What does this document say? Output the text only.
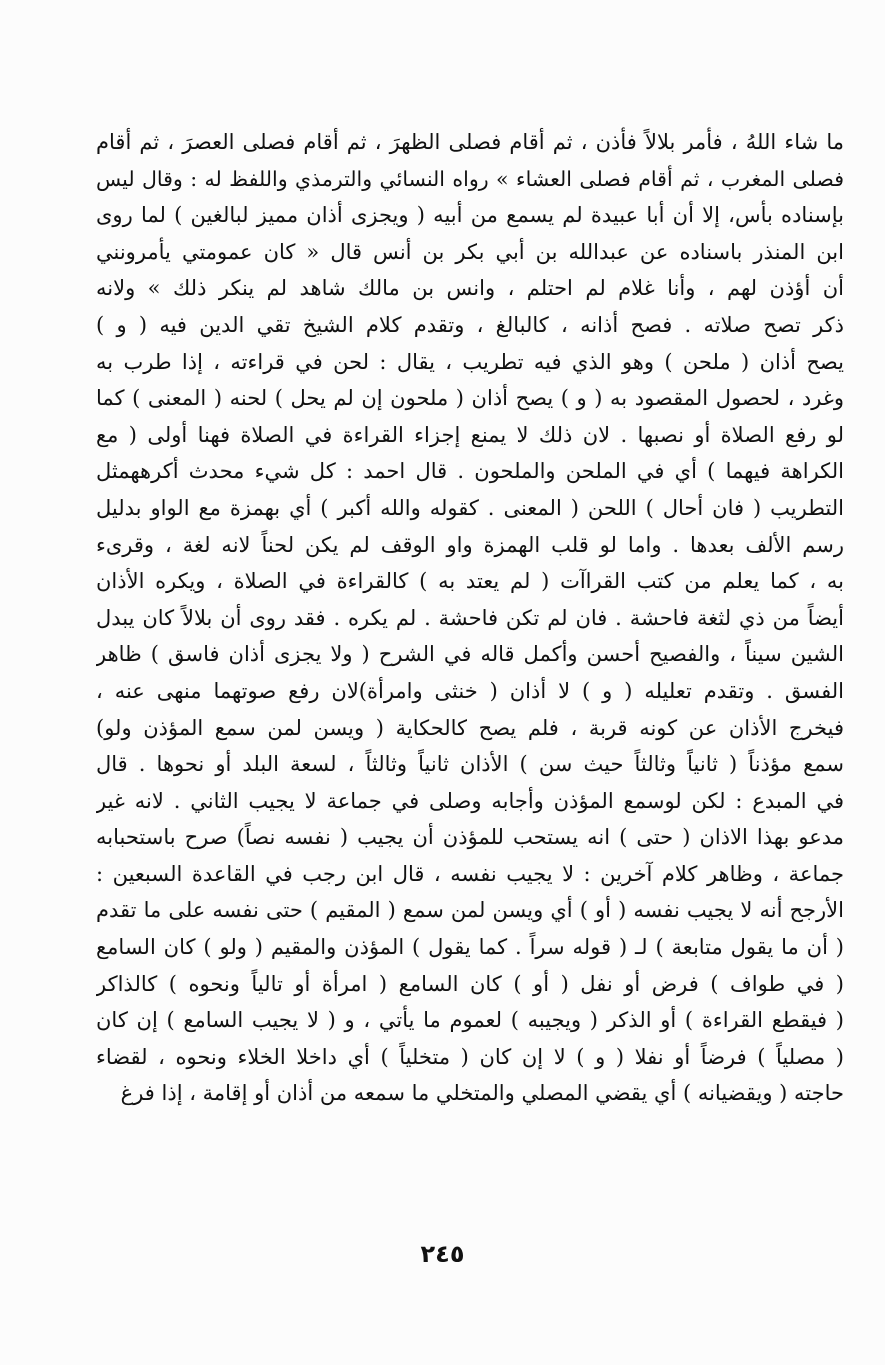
ما شاء اللهُ ، فأمر بلالاً فأذن ، ثم أقام فصلى الظهرَ ، ثم أقام فصلى العصرَ ، ثم أقام
فصلى المغرب ، ثم أقام فصلى العشاء » رواه النسائي والترمذي واللفظ له : وقال ليس
بإسناده بأس، إلا أن أبا عبيدة لم يسمع من أبيه ( ويجزى أذان مميز لبالغين ) لما روى
ابن المنذر باسناده عن عبدالله بن أبي بكر بن أنس قال « كان عمومتي يأمرونني
أن أؤذن لهم ، وأنا غلام لم احتلم ، وانس بن مالك شاهد لم ينكر ذلك » ولانه
ذكر تصح صلاته . فصح أذانه ، كالبالغ ، وتقدم كلام الشيخ تقي الدين فيه ( و )
يصح أذان ( ملحن ) وهو الذي فيه تطريب ، يقال : لحن في قراءته ، إذا طرب به
وغرد ، لحصول المقصود به ( و ) يصح أذان ( ملحون إن لم يحل ) لحنه ( المعنى ) كما
لو رفع الصلاة أو نصبها . لان ذلك لا يمنع إجزاء القراءة في الصلاة فهنا أولى ( مع
الكراهة فيهما ) أي في الملحن والملحون . قال احمد : كل شيء محدث أكرههمثل
التطريب ( فان أحال ) اللحن ( المعنى . كقوله والله أكبر ) أي بهمزة مع الواو بدليل
رسم الألف بعدها . واما لو قلب الهمزة واو الوقف لم يكن لحناً لانه لغة ، وقرىء
به ، كما يعلم من كتب القراآت ( لم يعتد به ) كالقراءة في الصلاة ، ويكره الأذان
أيضاً من ذي لثغة فاحشة . فان لم تكن فاحشة . لم يكره . فقد روى أن بلالاً كان يبدل
الشين سيناً ، والفصيح أحسن وأكمل قاله في الشرح ( ولا يجزى أذان فاسق ) ظاهر
الفسق . وتقدم تعليله ( و ) لا أذان ( خنثى وامرأة)لان رفع صوتهما منهى عنه ،
فيخرج الأذان عن كونه قربة ، فلم يصح كالحكاية ( ويسن لمن سمع المؤذن ولو)
سمع مؤذناً ( ثانياً وثالثاً حيث سن ) الأذان ثانياً وثالثاً ، لسعة البلد أو نحوها . قال
في المبدع : لكن لوسمع المؤذن وأجابه وصلى في جماعة لا يجيب الثاني . لانه غير
مدعو بهذا الاذان ( حتى ) انه يستحب للمؤذن أن يجيب ( نفسه نصاً) صرح باستحبابه
جماعة ، وظاهر كلام آخرين : لا يجيب نفسه ، قال ابن رجب في القاعدة السبعين :
الأرجح أنه لا يجيب نفسه ( أو ) أي ويسن لمن سمع ( المقيم ) حتى نفسه على ما تقدم
( أن ما يقول متابعة ) لـ ( قوله سراً . كما يقول ) المؤذن والمقيم ( ولو ) كان السامع
( في طواف ) فرض أو نفل ( أو ) كان السامع ( امرأة أو تالياً ونحوه ) كالذاكر
( فيقطع القراءة ) أو الذكر ( ويجيبه ) لعموم ما يأتي ، و ( لا يجيب السامع ) إن كان
( مصلياً ) فرضاً أو نفلا ( و ) لا إن كان ( متخلياً ) أي داخلا الخلاء ونحوه ، لقضاء
حاجته ( ويقضيانه ) أي يقضي المصلي والمتخلي ما سمعه من أذان أو إقامة ، إذا فرغ
٢٤٥
